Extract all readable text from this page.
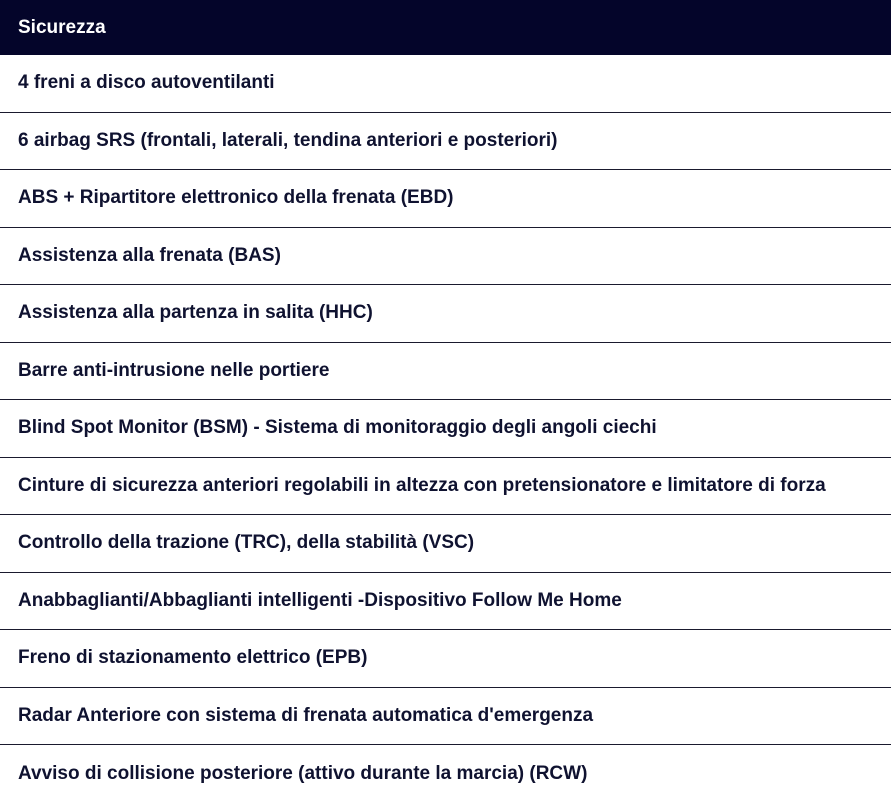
Sicurezza
4 freni a disco autoventilanti
6 airbag SRS (frontali, laterali, tendina anteriori e posteriori)
ABS + Ripartitore elettronico della frenata (EBD)
Assistenza alla frenata (BAS)
Assistenza alla partenza in salita (HHC)
Barre anti-intrusione nelle portiere
Blind Spot Monitor (BSM) - Sistema di monitoraggio degli angoli ciechi
Cinture di sicurezza anteriori regolabili in altezza con pretensionatore e limitatore di forza
Controllo della trazione (TRC), della stabilità (VSC)
Anabbaglianti/Abbaglianti intelligenti -Dispositivo Follow Me Home
Freno di stazionamento elettrico (EPB)
Radar Anteriore con sistema di frenata automatica d'emergenza
Avviso di collisione posteriore (attivo durante la marcia) (RCW)
